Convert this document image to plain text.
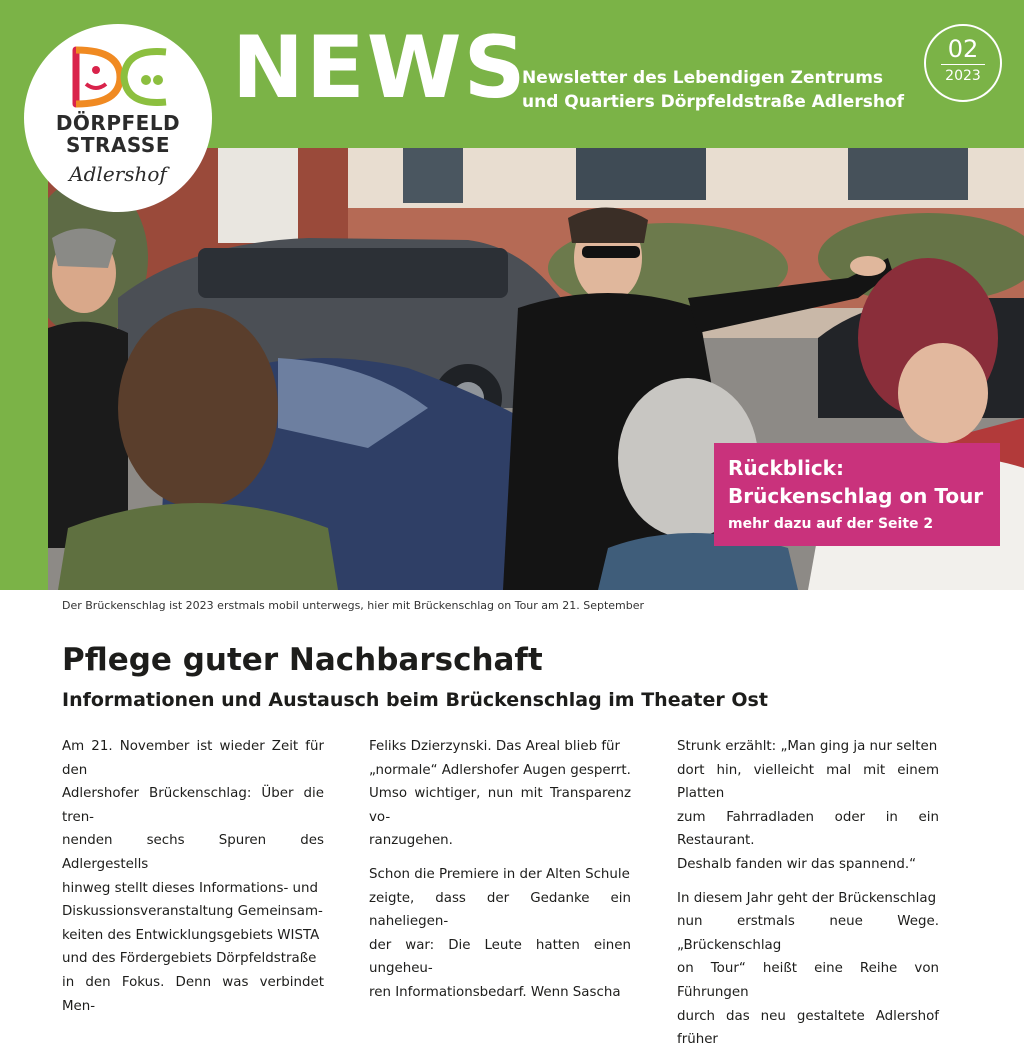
DÖRPFELD
STRASSE
Adlershof
NEWS
Newsletter des Lebendigen Zentrums
und Quartiers Dörpfeldstraße Adlershof
02
2023
Rückblick:
Brückenschlag on Tour
mehr dazu auf der Seite 2
Der Brückenschlag ist 2023 erstmals mobil unterwegs, hier mit Brückenschlag on Tour am 21. September
Pflege guter Nachbarschaft
Informationen und Austausch beim Brückenschlag im Theater Ost

Am 21. November ist wieder Zeit für den
Adlershofer Brückenschlag: Über die tren-
nenden sechs Spuren des Adlergestells
hinweg stellt dieses Informations- und
Diskussionsveranstaltung Gemeinsam-
keiten des Entwicklungsgebiets WISTA
und des Fördergebiets Dörpfeldstraße
in den Fokus. Denn was verbindet Men-

Feliks Dzierzynski. Das Areal blieb für
„normale“ Adlershofer Augen gesperrt.
Umso wichtiger, nun mit Transparenz vo-
ranzugehen.

Schon die Premiere in der Alten Schule
zeigte, dass der Gedanke ein naheliegen-
der war: Die Leute hatten einen ungeheu-
ren Informationsbedarf. Wenn Sascha

Strunk erzählt: „Man ging ja nur selten
dort hin, vielleicht mal mit einem Platten
zum Fahrradladen oder in ein Restaurant.
Deshalb fanden wir das spannend.“

In diesem Jahr geht der Brückenschlag
nun erstmals neue Wege. „Brückenschlag
on Tour“ heißt eine Reihe von Führungen
durch das neu gestaltete Adlershof früher
